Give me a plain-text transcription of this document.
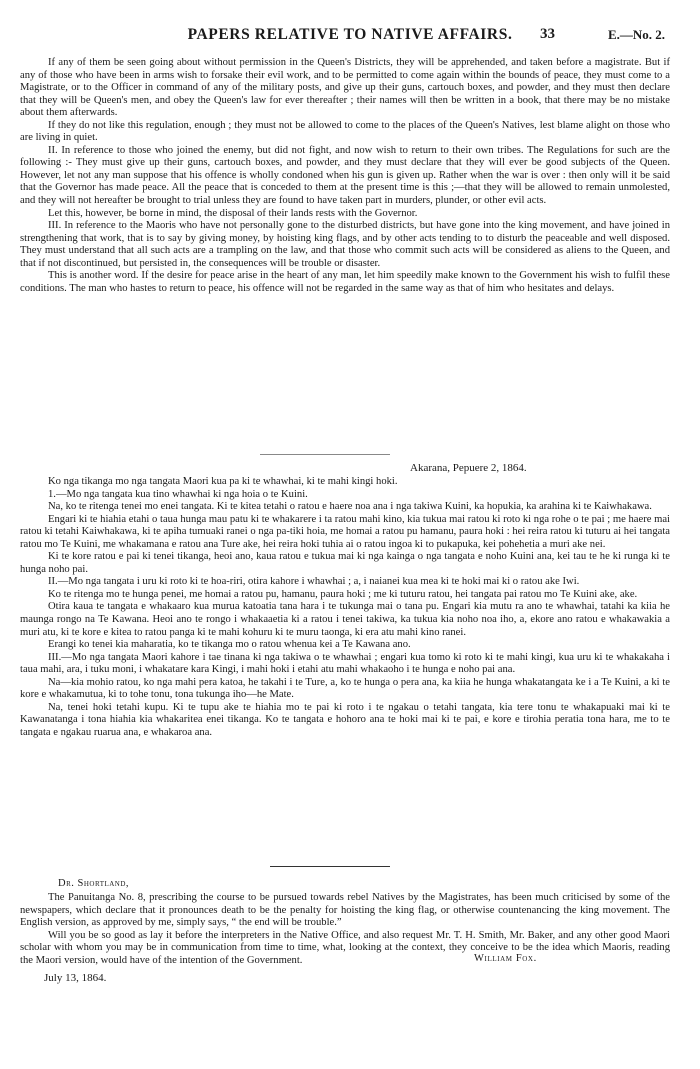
PAPERS RELATIVE TO NATIVE AFFAIRS.	33	E.—No. 2.

If any of them be seen going about without permission in the Queen's Districts, they will be apprehended, and taken before a magistrate. But if any of those who have been in arms wish to forsake their evil work, and to be permitted to come again within the bounds of peace, they must come to a Magistrate, or to the Officer in command of any of the military posts, and give up their guns, cartouch boxes, and powder, and they must then declare that they will be Queen's men, and obey the Queen's law for ever thereafter ; their names will then be written in a book, that there may be no mistake about them afterwards.

If they do not like this regulation, enough ; they must not be allowed to come to the places of the Queen's Natives, lest blame alight on those who are living in quiet.

II. In reference to those who joined the enemy, but did not fight, and now wish to return to their own tribes. The Regulations for such are the following :- They must give up their guns, cartouch boxes, and powder, and they must declare that they will ever be good subjects of the Queen. However, let not any man suppose that his offence is wholly condoned when his gun is given up. Rather when the war is over : then only will it be said that the Governor has made peace. All the peace that is conceded to them at the present time is this ;—that they will be allowed to remain unmolested, and they will not hereafter be brought to trial unless they are found to have taken part in murders, plunder, or other evil acts.

Let this, however, be borne in mind, the disposal of their lands rests with the Governor.

III. In reference to the Maoris who have not personally gone to the disturbed districts, but have gone into the king movement, and have joined in strengthening that work, that is to say by giving money, by hoisting king flags, and by other acts tending to to disturb the peaceable and well disposed. They must understand that all such acts are a trampling on the law, and that those who commit such acts will be considered as aliens to the Queen, and that if not discontinued, but persisted in, the consequences will be trouble or disaster.

This is another word. If the desire for peace arise in the heart of any man, let him speedily make known to the Government his wish to fulfil these conditions. The man who hastes to return to peace, his offence will not be regarded in the same way as that of him who hesitates and delays.

Akarana, Pepuere 2, 1864.

Ko nga tikanga mo nga tangata Maori kua pa ki te whawhai, ki te mahi kingi hoki.

1.—Mo nga tangata kua tino whawhai ki nga hoia o te Kuini.

Na, ko te ritenga tenei mo enei tangata. Ki te kitea tetahi o ratou e haere noa ana i nga takiwa Kuini, ka hopukia, ka arahina ki te Kaiwhakawa.

Engari ki te hiahia etahi o taua hunga mau patu ki te whakarere i ta ratou mahi kino, kia tukua mai ratou ki roto ki nga rohe o te pai ; me haere mai ratou ki tetahi Kaiwhakawa, ki te apiha tumuaki ranei o nga pa-tiki hoia, me homai a ratou pu hamanu, paura hoki : hei reira ratou ki tuturu ai hei tangata ratou mo Te Kuini, me whakamana e ratou ana Ture ake, hei reira hoki tuhia ai o ratou ingoa ki to pukapuka, kei pohehetia a muri ake nei.

Ki te kore ratou e pai ki tenei tikanga, heoi ano, kaua ratou e tukua mai ki nga kainga o nga tangata e noho Kuini ana, kei tau te he ki runga ki te hunga noho pai.

II.—Mo nga tangata i uru ki roto ki te hoa-riri, otira kahore i whawhai ; a, i naianei kua mea ki te hoki mai ki o ratou ake Iwi.

Ko te ritenga mo te hunga penei, me homai a ratou pu, hamanu, paura hoki ; me ki tuturu ratou, hei tangata pai ratou mo Te Kuini ake, ake.

Otira kaua te tangata e whakaaro kua murua katoatia tana hara i te tukunga mai o tana pu. Engari kia mutu ra ano te whawhai, tatahi ka kiia he maunga rongo na Te Kawana. Heoi ano te rongo i whakaaetia ki a ratou i tenei takiwa, ka tukua kia noho noa iho, a, ekore ano ratou e whakawakia a muri atu, ki te kore e kitea to ratou panga ki te mahi kohuru ki te muru taonga, ki era atu mahi kino ranei.

Erangi ko tenei kia maharatia, ko te tikanga mo o ratou whenua kei a Te Kawana ano.

III.—Mo nga tangata Maori kahore i tae tinana ki nga takiwa o te whawhai ; engari kua tomo ki roto ki te mahi kingi, kua uru ki te whakakaha i taua mahi, ara, i tuku moni, i whakatare kara Kingi, i mahi hoki i etahi atu mahi whakaoho i te hunga e noho pai ana.

Na—kia mohio ratou, ko nga mahi pera katoa, he takahi i te Ture, a, ko te hunga o pera ana, ka kiia he hunga whakatangata ke i a Te Kuini, a ki te kore e whakamutua, ki to tohe tonu, tona tukunga iho—he Mate.

Na, tenei hoki tetahi kupu. Ki te tupu ake te hiahia mo te pai ki roto i te ngakau o tetahi tangata, kia tere tonu te whakapuaki mai ki te Kawanatanga i tona hiahia kia whakaritea enei tikanga. Ko te tangata e hohoro ana te hoki mai ki te pai, e kore e tirohia peratia tona hara, me to te tangata e ngakau ruarua ana, e whakaroa ana.

Dr. Shortland,

The Panuitanga No. 8, prescribing the course to be pursued towards rebel Natives by the Magistrates, has been much criticised by some of the newspapers, which declare that it pronounces death to be the penalty for hoisting the king flag, or otherwise countenancing the king movement. The English version, as approved by me, simply says, “ the end will be trouble.”

Will you be so good as lay it before the interpreters in the Native Office, and also request Mr. T. H. Smith, Mr. Baker, and any other good Maori scholar with whom you may be in communication from time to time, what, looking at the context, they conceive to be the idea which Maoris, reading the Maori version, would have of the intention of the Government.	William Fox.
July 13, 1864.
